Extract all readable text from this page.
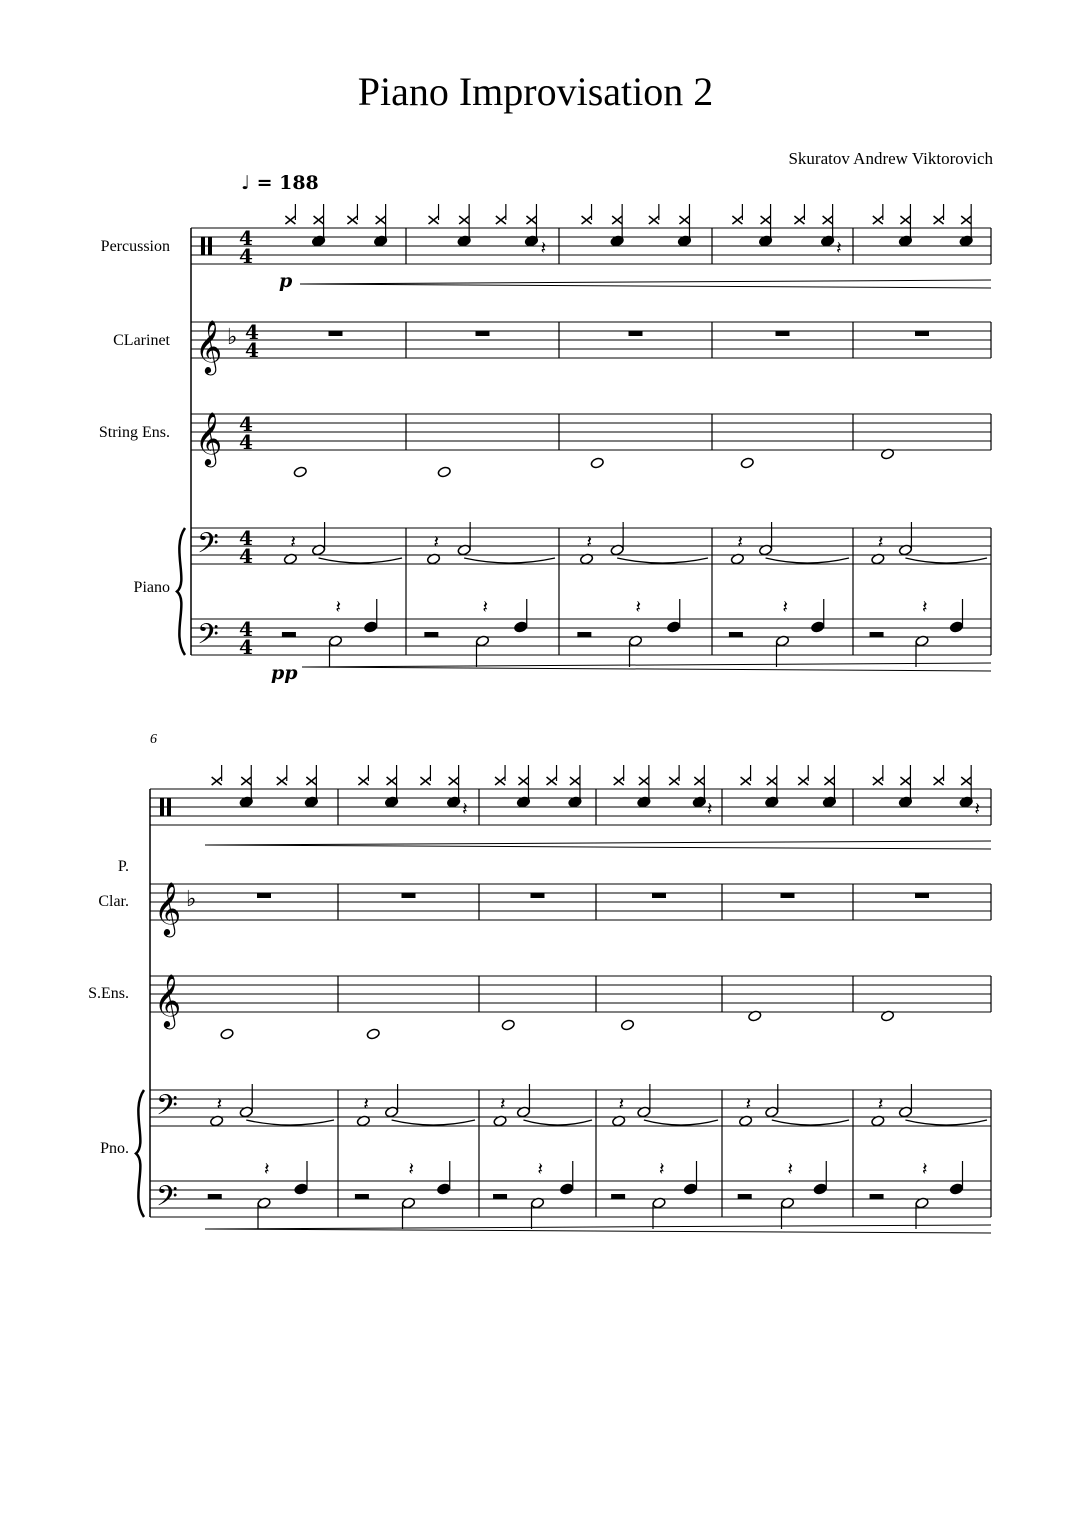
𝄞
𝄞
𝄢
𝄢
♭
4
4
4
4
4
4
4
4
4
4
𝄽
𝄽
𝄽
𝄽
𝄽
𝄽
𝄽
𝄽
𝄽
𝄽
𝄽
𝄽
𝄞
𝄞
𝄢
𝄢
♭
𝄽
𝄽
𝄽
𝄽
𝄽
𝄽
𝄽
𝄽
𝄽
𝄽
𝄽
𝄽
𝄽
𝄽
𝄽
Piano Improvisation 2
Skuratov Andrew Viktorovich
♩ = 188
Percussion
CLarinet
String Ens.
Piano
P.
Clar.
S.Ens.
Pno.
6
p
pp
